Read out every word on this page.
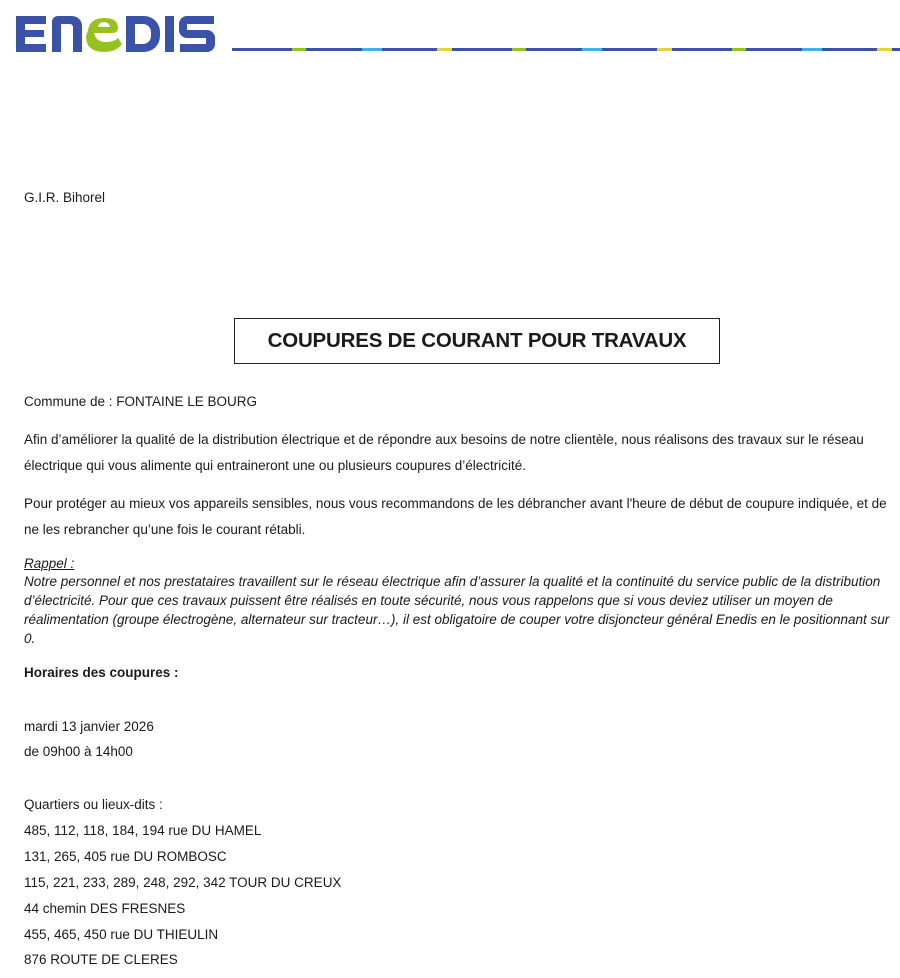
G.I.R. Bihorel
COUPURES DE COURANT POUR TRAVAUX
Commune de : FONTAINE LE BOURG
Afin d’améliorer la qualité de la distribution électrique et de répondre aux besoins de notre clientèle, nous réalisons des travaux sur le réseau électrique qui vous alimente qui entraineront une ou plusieurs coupures d’électricité.
Pour protéger au mieux vos appareils sensibles, nous vous recommandons de les débrancher avant l'heure de début de coupure indiquée, et de ne les rebrancher qu’une fois le courant rétabli.
Rappel :
Notre personnel et nos prestataires travaillent sur le réseau électrique afin d’assurer la qualité et la continuité du service public de la distribution d’électricité. Pour que ces travaux puissent être réalisés en toute sécurité, nous vous rappelons que si vous deviez utiliser un moyen de réalimentation (groupe électrogène, alternateur sur tracteur…), il est obligatoire de couper votre disjoncteur général Enedis en le positionnant sur 0.
Horaires des coupures :
mardi 13 janvier 2026
de 09h00 à 14h00
Quartiers ou lieux-dits :
485, 112, 118, 184, 194 rue DU HAMEL
131, 265, 405 rue DU ROMBOSC
115, 221, 233, 289, 248, 292, 342 TOUR DU CREUX
44 chemin DES FRESNES
455, 465, 450 rue DU THIEULIN
876 ROUTE DE CLERES
